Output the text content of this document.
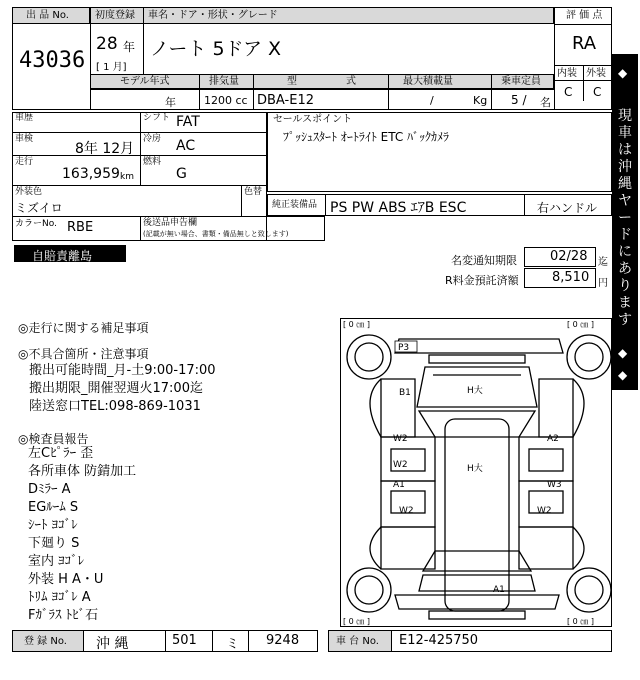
出 品 No.
43036
初度登録 車名・ドア・形状・グレード
28 年
[ 1 月]
ノート 5ドア X
評 価 点
RA
内装 外装
C C
モデル年式
年
排気量
1200 cc
型	式
DBA-E12
最大積載量
/	Kg
乗車定員
5 / 名
車歴	シフト FAT
車検
8年 12月
冷房 AC
走行
163,959 km
燃料
G
外装色
ミズイロ
色替
カラーNo. RBE	後送品申告欄
(記載が無い場合、書類・備品無しと致します)
セールスポイント
ﾌﾟｯｼｭｽﾀｰﾄ ｵｰﾄﾗｲﾄ ETC ﾊﾞｯｸｶﾒﾗ
純正装備品 PS PW ABS ｴｱB ESC	右ハンドル
◆
現
車
は
沖
縄
ヤ
ー
ド
に
あ
り
ま
す
◆
◆
自賠責離島	名変通知期限	02/28 迄
R料金預託済額	8,510 円
◎走行に関する補足事項
◎不具合箇所・注意事項
搬出可能時間_月-土9:00-17:00
搬出期限_開催翌週火17:00迄
陸送窓口TEL:098-869-1031
◎検査員報告
左Cﾋﾟﾗｰ 歪
各所車体 防錆加工
Dﾐﾗｰ A
EGﾙｰﾑ S
ｼｰﾄ ﾖｺﾞﾚ
下廻り S
室内 ﾖｺﾞﾚ
外装 H A・U
ﾄﾘﾑ ﾖｺﾞﾚ A
Fｶﾞﾗｽ ﾄﾋﾞ石
[ 0 ㎝ ]	[ 0 ㎝ ]
[ 0 ㎝ ]	[ 0 ㎝ ]
P3
H大
B1
W2	A2
H大
W2
A1	W3
W2	W2
A1
登 録 No. 沖 縄	501 ミ 9248	車 台 No. E12-425750
